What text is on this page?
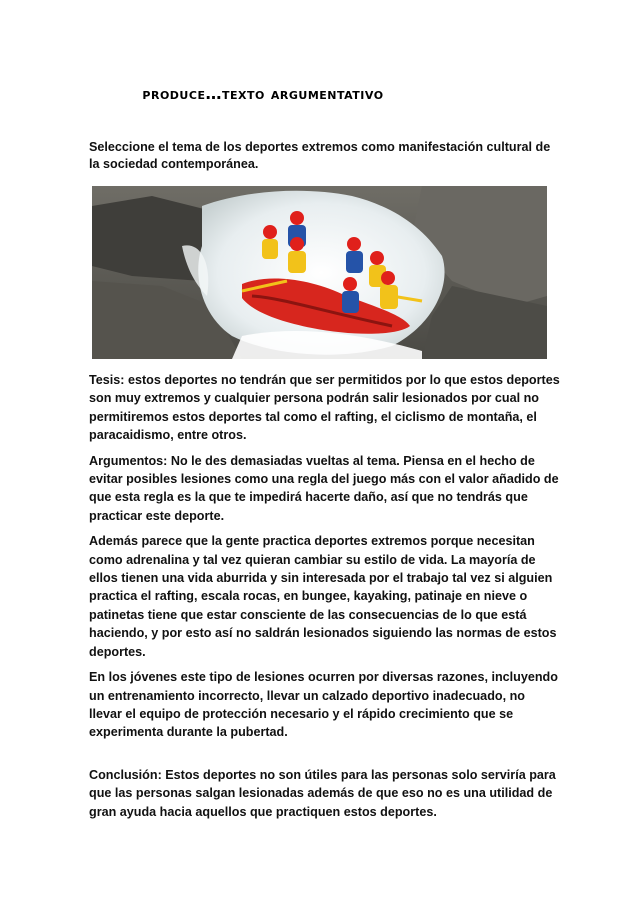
produce…texto argumentativo
Seleccione el tema de los deportes extremos como manifestación cultural de la sociedad contemporánea.

Tesis: estos deportes no tendrán que ser permitidos por lo que estos deportes son muy extremos y cualquier persona podrán salir lesionados por cual no permitiremos estos deportes tal como el rafting, el ciclismo de montaña, el paracaidismo, entre otros.

Argumentos: No le des demasiadas vueltas al tema. Piensa en el hecho de evitar posibles lesiones como una regla del juego más con el valor añadido de que esta regla es la que te impedirá hacerte daño, así que no tendrás que practicar este deporte.

Además parece que la gente practica deportes extremos porque necesitan como adrenalina y tal vez quieran cambiar su estilo de vida. La mayoría de ellos tienen una vida aburrida y sin interesada por el trabajo tal vez si alguien practica el rafting, escala rocas, en bungee, kayaking, patinaje en nieve o patinetas tiene que estar consciente de las consecuencias de lo que está haciendo, y por esto así no saldrán lesionados siguiendo las normas de estos deportes.

En los jóvenes este tipo de lesiones ocurren por diversas razones, incluyendo un entrenamiento incorrecto, llevar un calzado deportivo inadecuado, no llevar el equipo de protección necesario y el rápido crecimiento que se experimenta durante la pubertad.

Conclusión: Estos deportes no son útiles para las personas solo serviría para que las personas salgan lesionadas además de que eso no es una utilidad de gran ayuda hacia aquellos que practiquen estos deportes.
